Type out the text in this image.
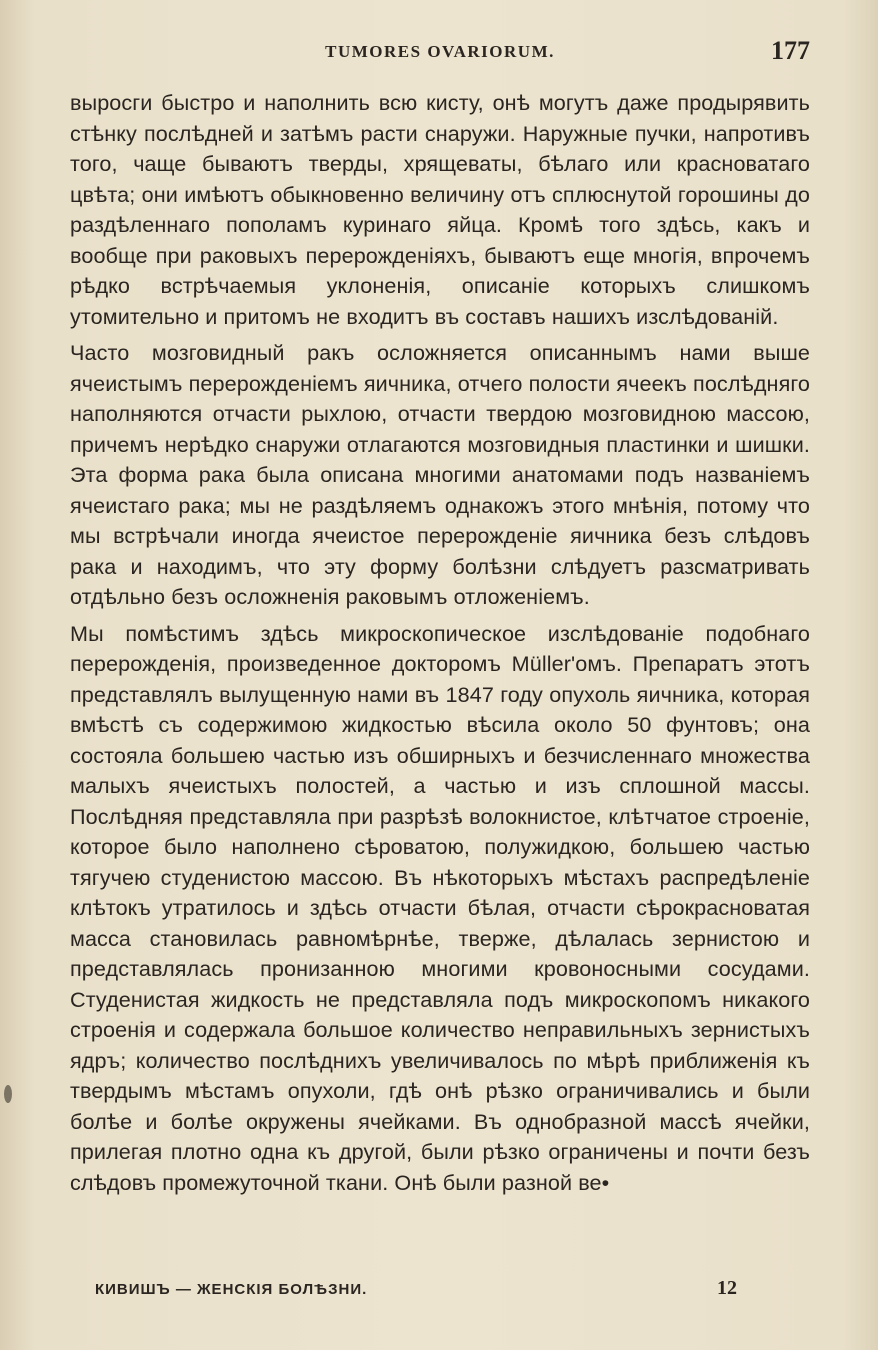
TUMORES OVARIORUM.	177

выросги быстро и наполнить всю кисту, онѣ могутъ даже продырявить стѣнку послѣдней и затѣмъ расти снаружи. Наружные пучки, напротивъ того, чаще бываютъ тверды, хрящеваты, бѣлаго или красноватаго цвѣта; они имѣютъ обыкновенно величину отъ сплюснутой горошины до раздѣленнаго пополамъ куринаго яйца. Кромѣ того здѣсь, какъ и вообще при раковыхъ перерожденіяхъ, бываютъ еще многія, впрочемъ рѣдко встрѣчаемыя уклоненія, описаніе которыхъ слишкомъ утомительно и притомъ не входитъ въ составъ нашихъ изслѣдованій.

Часто мозговидный ракъ осложняется описаннымъ нами выше ячеистымъ перерожденіемъ яичника, отчего полости ячеекъ послѣдняго наполняются отчасти рыхлою, отчасти твердою мозговидною массою, причемъ нерѣдко снаружи отлагаются мозговидныя пластинки и шишки. Эта форма рака была описана многими анатомами подъ названіемъ ячеистаго рака; мы не раздѣляемъ однакожъ этого мнѣнія, потому что мы встрѣчали иногда ячеистое перерожденіе яичника безъ слѣдовъ рака и находимъ, что эту форму болѣзни слѣдуетъ разсматривать отдѣльно безъ осложненія раковымъ отложеніемъ.

Мы помѣстимъ здѣсь микроскопическое изслѣдованіе подобнаго перерожденія, произведенное докторомъ Müller'омъ. Препаратъ этотъ представлялъ вылущенную нами въ 1847 году опухоль яичника, которая вмѣстѣ съ содержимою жидкостью вѣсила около 50 фунтовъ; она состояла большею частью изъ обширныхъ и безчисленнаго множества малыхъ ячеистыхъ полостей, а частью и изъ сплошной массы. Послѣдняя представляла при разрѣзѣ волокнистое, клѣтчатое строеніе, которое было наполнено сѣроватою, полужидкою, большею частью тягучею студенистою массою. Въ нѣкоторыхъ мѣстахъ распредѣленіе клѣтокъ утратилось и здѣсь отчасти бѣлая, отчасти сѣрокрасноватая масса становилась равномѣрнѣе, тверже, дѣлалась зернистою и представлялась пронизанною многими кровоносными сосудами. Студенистая жидкость не представляла подъ микроскопомъ никакого строенія и содержала большое количество неправильныхъ зернистыхъ ядръ; количество послѣднихъ увеличивалось по мѣрѣ приближенія къ твердымъ мѣстамъ опухоли, гдѣ онѣ рѣзко ограничивались и были болѣе и болѣе окружены ячейками. Въ однобразной массѣ ячейки, прилегая плотно одна къ другой, были рѣзко ограничены и почти безъ слѣдовъ промежуточной ткани. Онѣ были разной ве•

КИВИШЪ — ЖЕНСКІЯ БОЛѢЗНИ.	12
